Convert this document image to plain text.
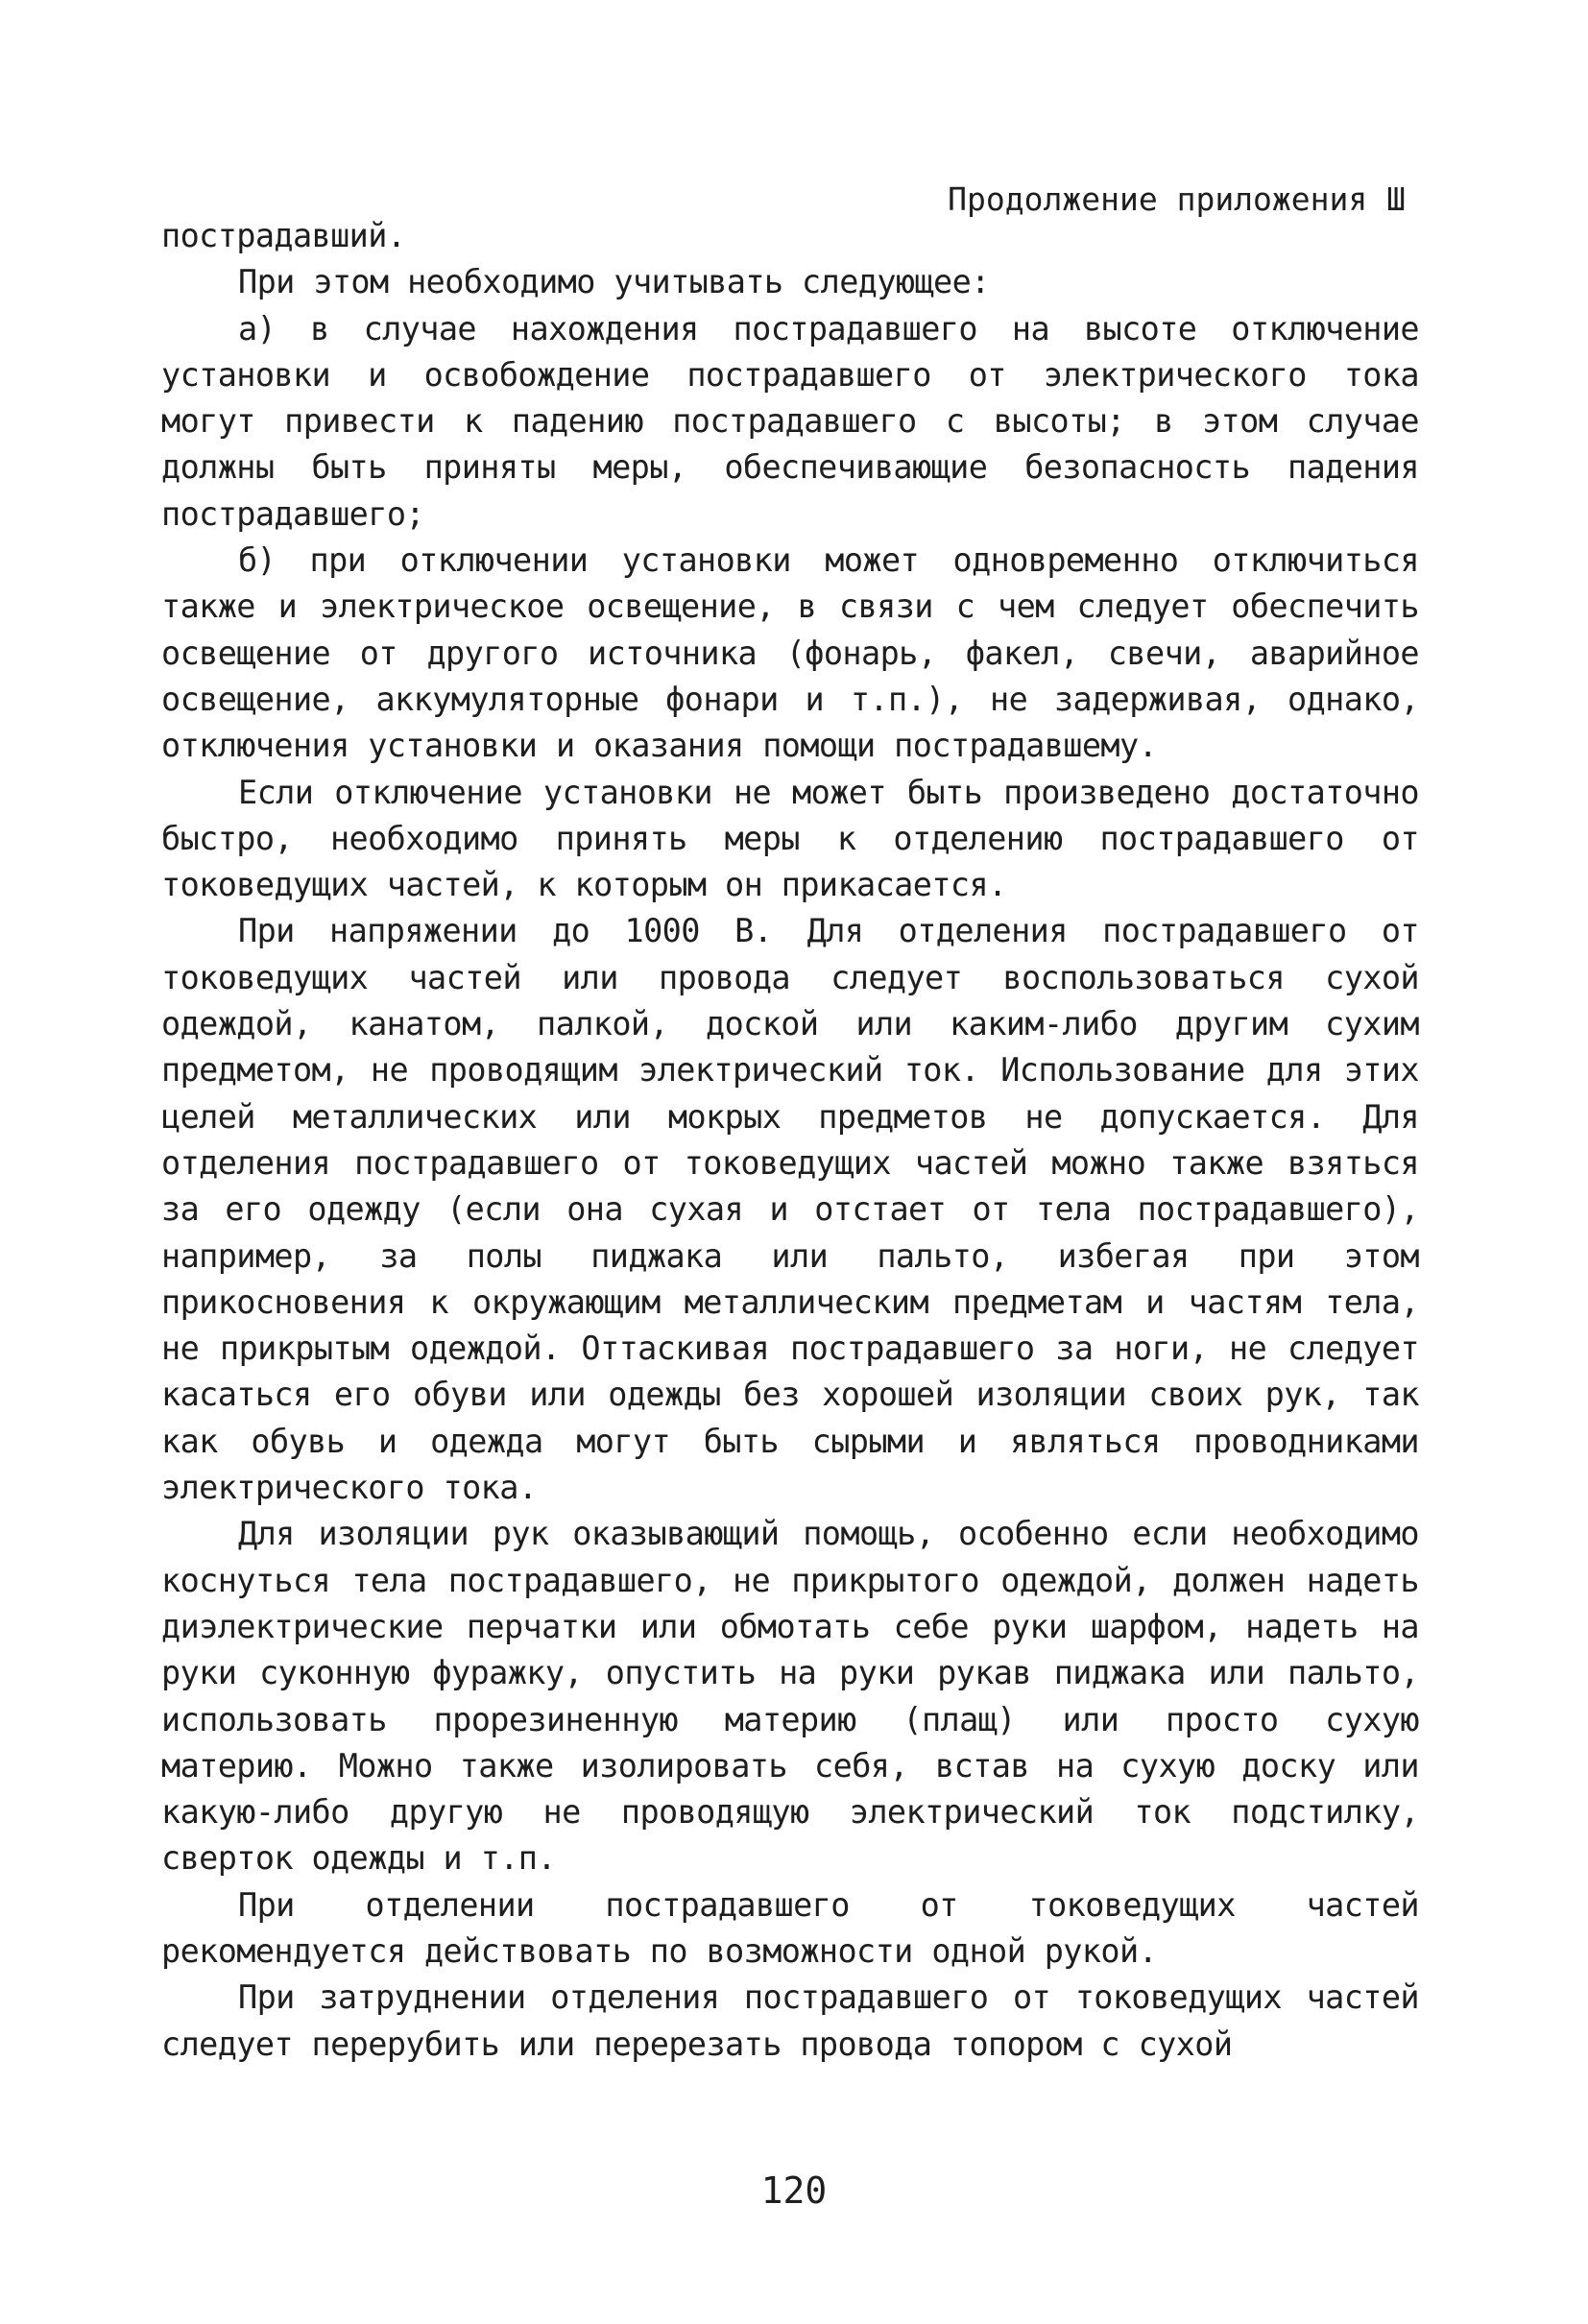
Продолжение приложения Ш

пострадавший.

При этом необходимо учитывать следующее:

а) в случае нахождения пострадавшего на высоте отключение установки и освобождение пострадавшего от электрического тока могут привести к падению пострадавшего с высоты; в этом случае должны быть приняты меры, обеспечивающие безопасность падения пострадавшего;

б) при отключении установки может одновременно отключиться также и электрическое освещение, в связи с чем следует обеспечить освещение от другого источника (фонарь, факел, свечи, аварийное освещение, аккумуляторные фонари и т.п.), не задерживая, однако, отключения установки и оказания помощи пострадавшему.

Если отключение установки не может быть произведено достаточно быстро, необходимо принять меры к отделению пострадавшего от токоведущих частей, к которым он прикасается.

При напряжении до 1000 В. Для отделения пострадавшего от токоведущих частей или провода следует воспользоваться сухой одеждой, канатом, палкой, доской или каким-либо другим сухим предметом, не проводящим электрический ток. Использование для этих целей металлических или мокрых предметов не допускается. Для отделения пострадавшего от токоведущих частей можно также взяться за его одежду (если она сухая и отстает от тела пострадавшего), например, за полы пиджака или пальто, избегая при этом прикосновения к окружающим металлическим предметам и частям тела, не прикрытым одеждой. Оттаскивая пострадавшего за ноги, не следует касаться его обуви или одежды без хорошей изоляции своих рук, так как обувь и одежда могут быть сырыми и являться проводниками электрического тока.

Для изоляции рук оказывающий помощь, особенно если необходимо коснуться тела пострадавшего, не прикрытого одеждой, должен надеть диэлектрические перчатки или обмотать себе руки шарфом, надеть на руки суконную фуражку, опустить на руки рукав пиджака или пальто, использовать прорезиненную материю (плащ) или просто сухую материю. Можно также изолировать себя, встав на сухую доску или какую-либо другую не проводящую электрический ток подстилку, сверток одежды и т.п.

При отделении пострадавшего от токоведущих частей рекомендуется действовать по возможности одной рукой.

При затруднении отделения пострадавшего от токоведущих частей следует перерубить или перерезать провода топором с сухой

120
